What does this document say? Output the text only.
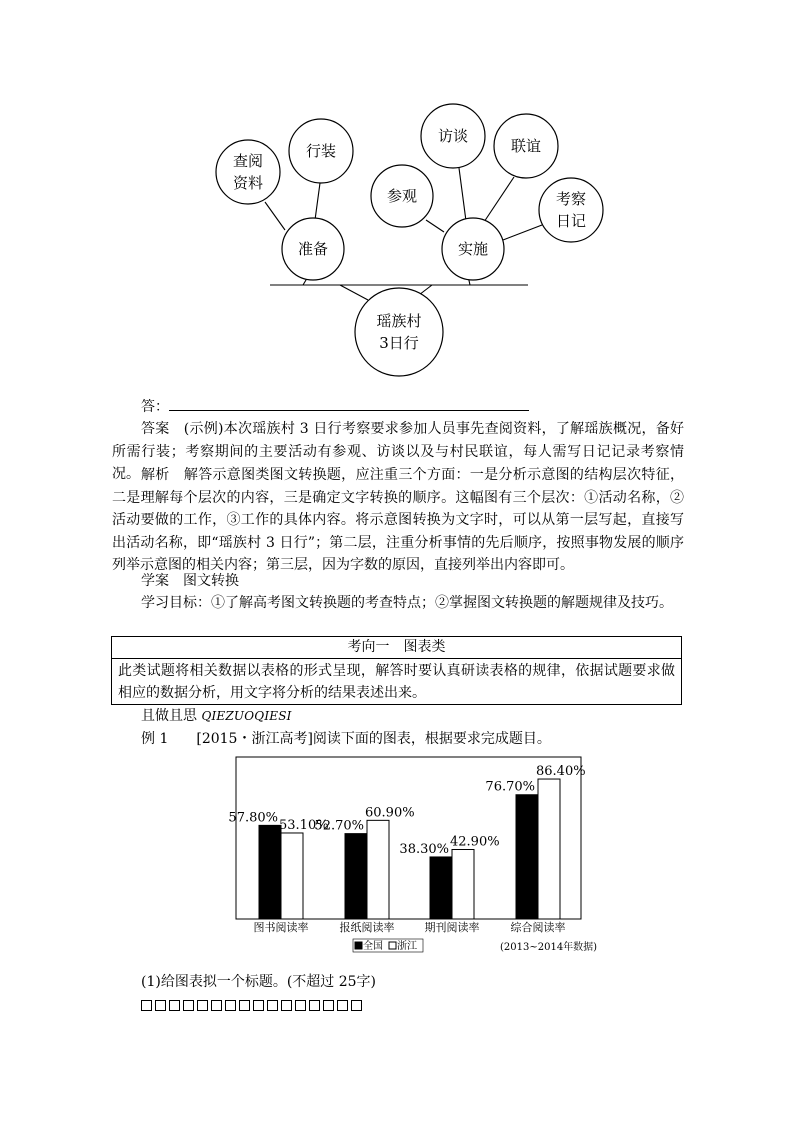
瑶族村
3日行
准备	实施
查阅
资料
行装
参观
访谈
联谊
考察
日记
答：
答案　(示例)本次瑶族村 3 日行考察要求参加人员事先查阅资料，了解瑶族概况，备好所需行装；考察期间的主要活动有参观、访谈以及与村民联谊，每人需写日记记录考察情况。 解析　解答示意图类图文转换题，应注重三个方面：一是分析示意图的结构层次特征，二是理解每个层次的内容，三是确定文字转换的顺序。这幅图有三个层次：①活动名称，②活动要做的工作，③工作的具体内容。将示意图转换为文字时，可以从第一层写起，直接写出活动名称，即“瑶族村 3 日行”；第二层，注重分析事情的先后顺序，按照事物发展的顺序列举示意图的相关内容；第三层，因为字数的原因，直接列举出内容即可。
学案　图文转换
学习目标：①了解高考图文转换题的考查特点；②掌握图文转换题的解题规律及技巧。
考向一　图表类
此类试题将相关数据以表格的形式呈现，解答时要认真研读表格的规律，依据试题要求做相应的数据分析，用文字将分析的结果表述出来。
且做且思 QIEZUOQIESI
例 1　　[2015・浙江高考]阅读下面的图表，根据要求完成题目。
57.80%
53.10%
52.70%
60.90%
38.30% 42.90%
76.70%
86.40%
图书阅读率	报纸阅读率	期刊阅读率	综合阅读率
全国 浙江	(2013~2014年数据)
(1)给图表拟一个标题。(不超过 25字)
